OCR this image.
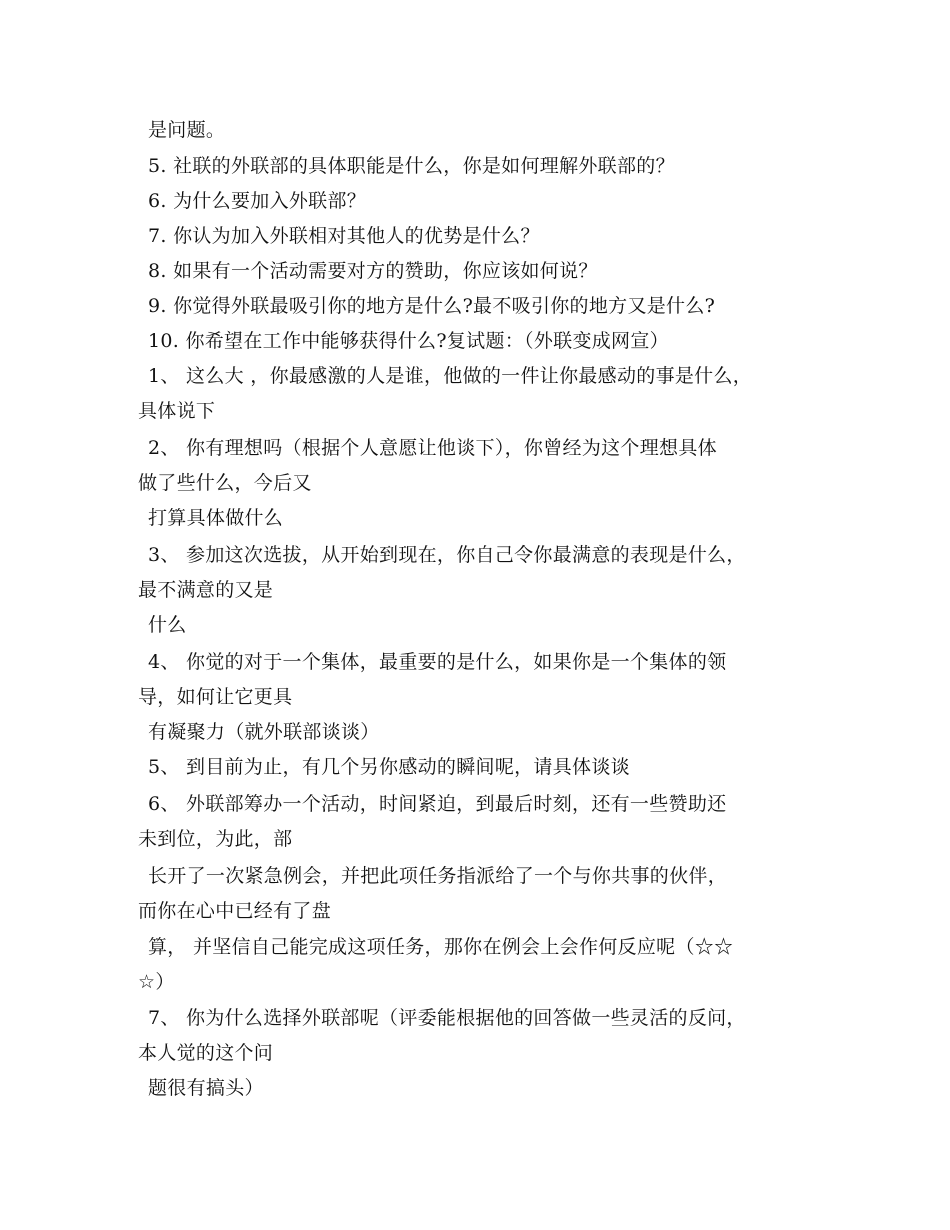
是问题。
5. 社联的外联部的具体职能是什么，你是如何理解外联部的？
6. 为什么要加入外联部？
7. 你认为加入外联相对其他人的优势是什么？
8. 如果有一个活动需要对方的赞助，你应该如何说？
9. 你觉得外联最吸引你的地方是什么?最不吸引你的地方又是什么?
10. 你希望在工作中能够获得什么?复试题：（外联变成网宣）
1、 这么大 ，你最感激的人是谁，他做的一件让你最感动的事是什么，
具体说下
2、 你有理想吗（根据个人意愿让他谈下），你曾经为这个理想具体
做了些什么，今后又
打算具体做什么
3、 参加这次选拔，从开始到现在，你自己令你最满意的表现是什么，
最不满意的又是
什么
4、 你觉的对于一个集体，最重要的是什么，如果你是一个集体的领
导，如何让它更具
有凝聚力（就外联部谈谈）
5、 到目前为止，有几个另你感动的瞬间呢，请具体谈谈
6、 外联部筹办一个活动，时间紧迫，到最后时刻，还有一些赞助还
未到位，为此，部
长开了一次紧急例会，并把此项任务指派给了一个与你共事的伙伴，
而你在心中已经有了盘
算， 并坚信自己能完成这项任务，那你在例会上会作何反应呢（☆☆
☆）
7、 你为什么选择外联部呢（评委能根据他的回答做一些灵活的反问，
本人觉的这个问
题很有搞头）
